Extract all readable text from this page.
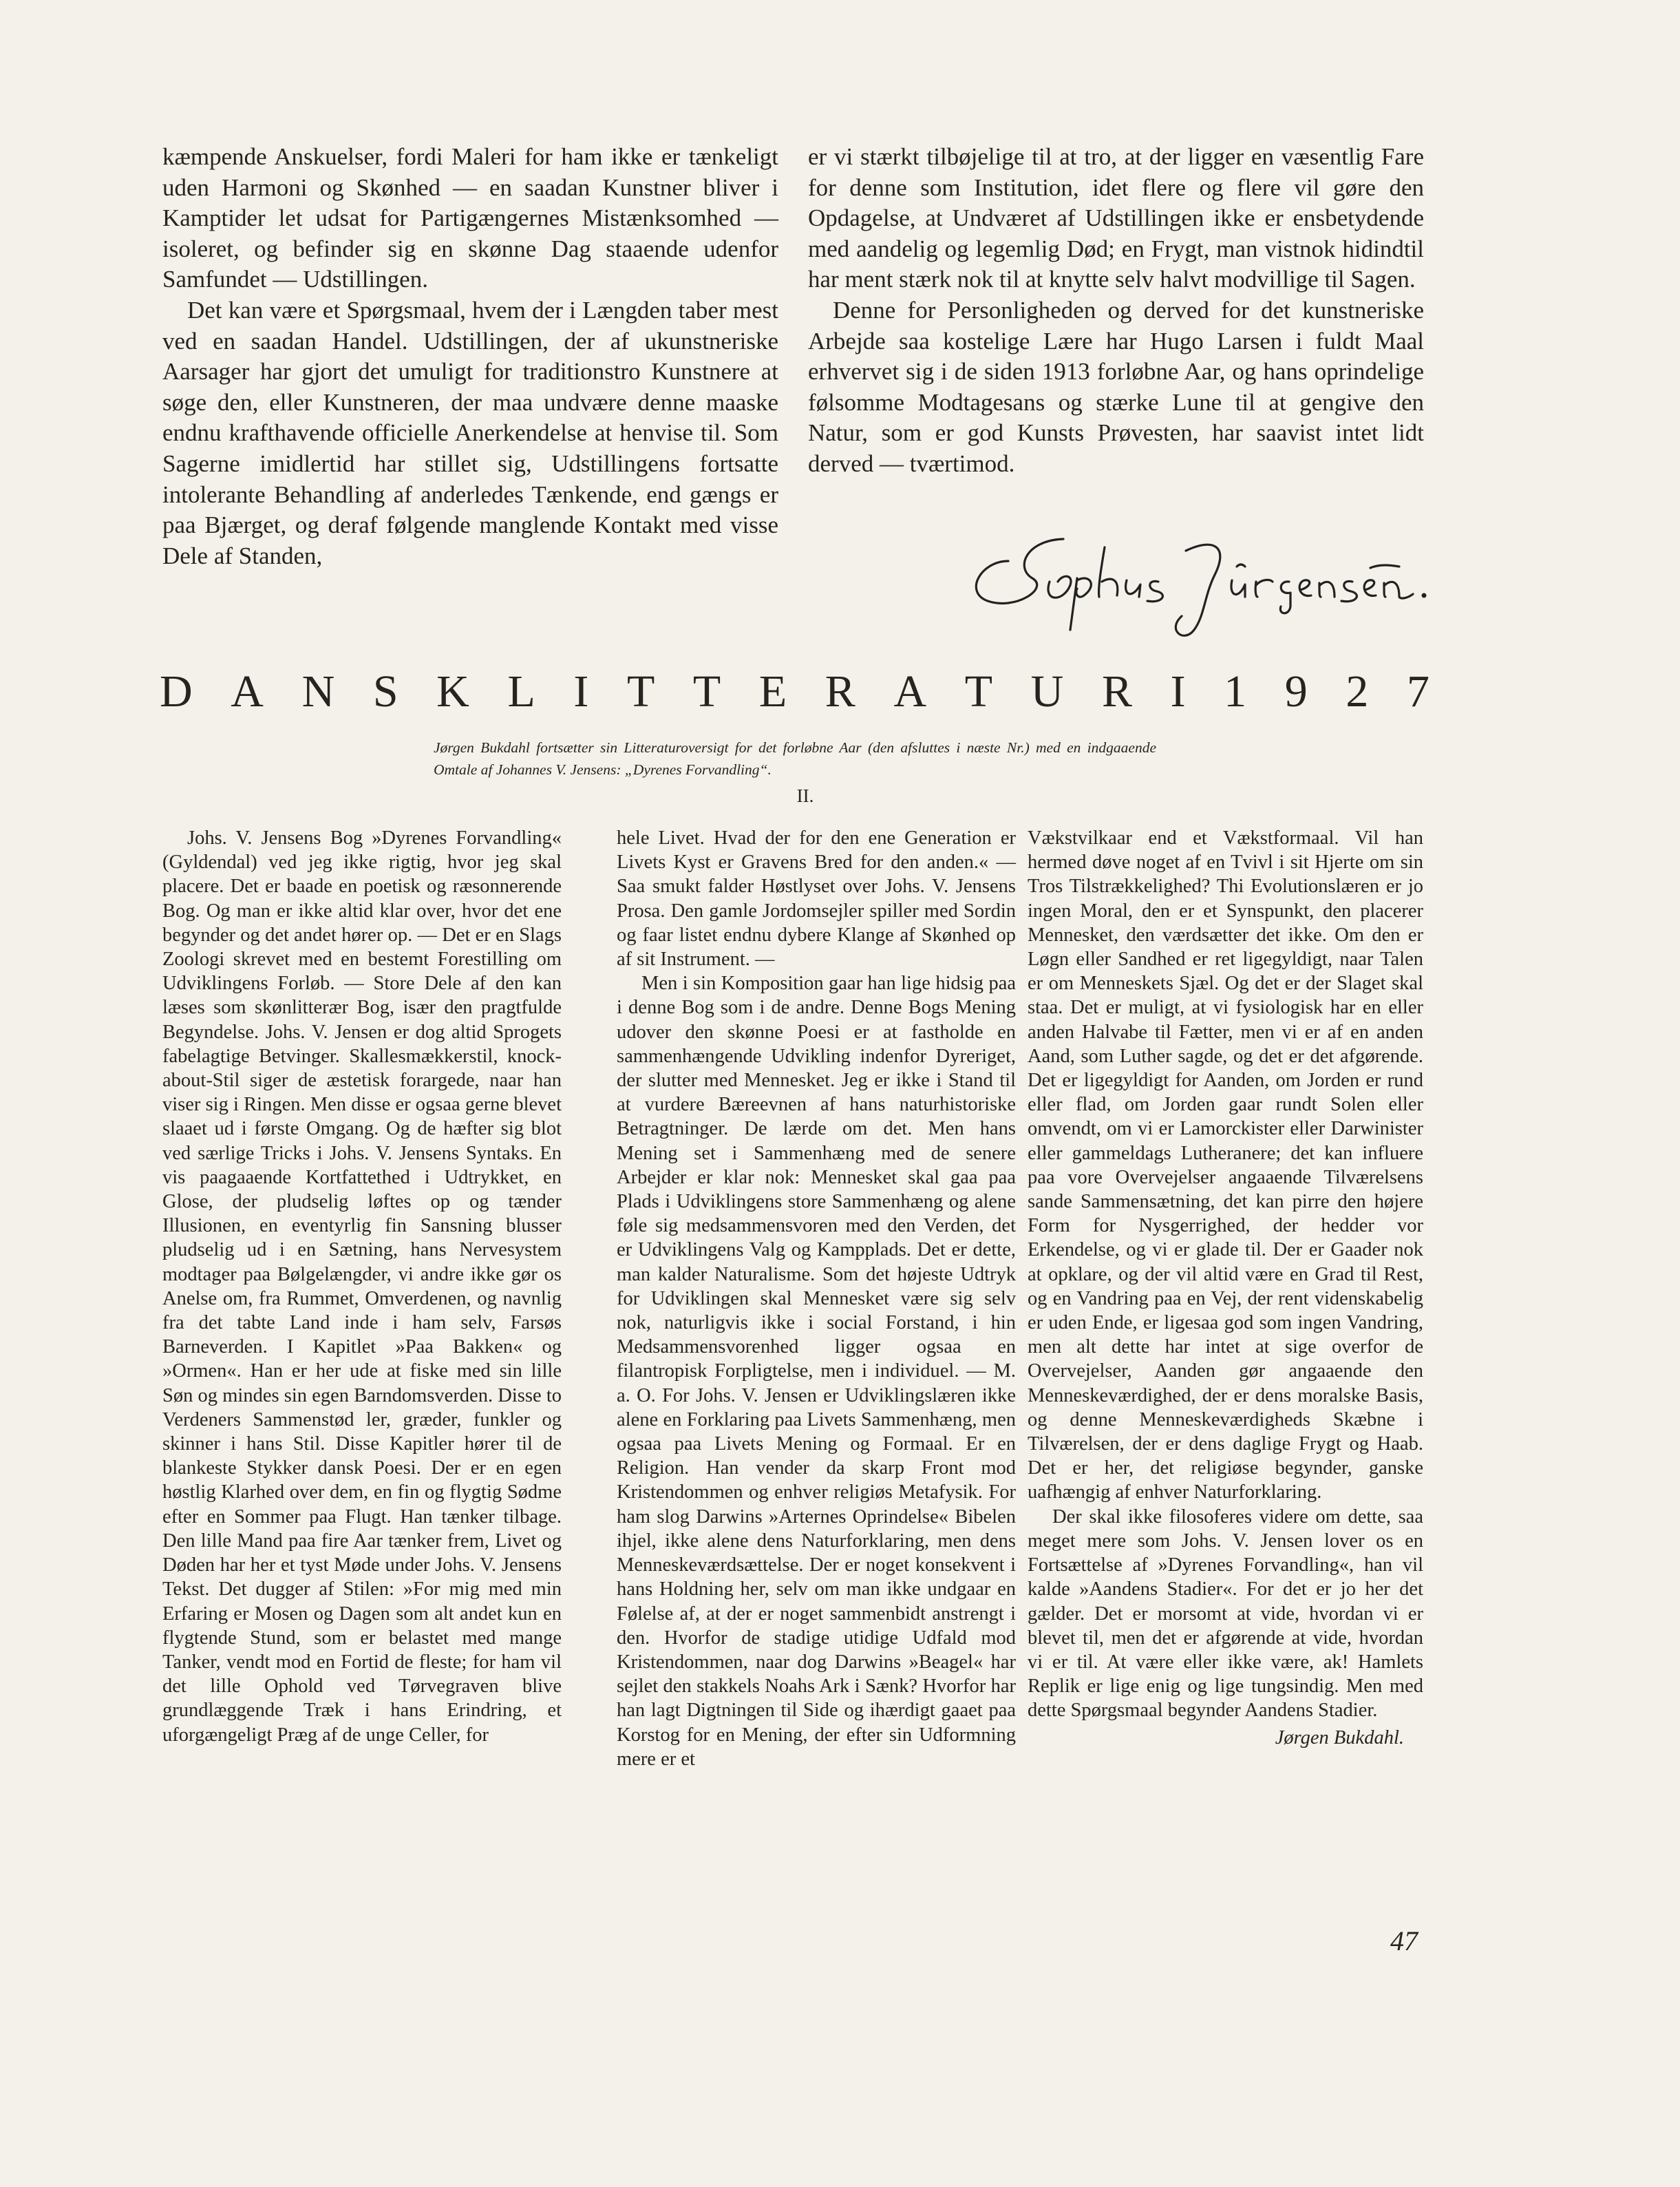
kæmpende Anskuelser, fordi Maleri for ham ikke er tænkeligt uden Harmoni og Skønhed — en saadan Kunstner bliver i Kamptider let udsat for Partigængernes Mistænksomhed — isoleret, og befinder sig en skønne Dag staaende udenfor Samfundet — Udstillingen.

Det kan være et Spørgsmaal, hvem der i Længden taber mest ved en saadan Handel. Udstillingen, der af ukunstneriske Aarsager har gjort det umuligt for traditionstro Kunstnere at søge den, eller Kunstneren, der maa undvære denne maaske endnu krafthavende officielle Anerkendelse at henvise til. Som Sagerne imidlertid har stillet sig, Udstillingens fortsatte intolerante Behandling af anderledes Tænkende, end gængs er paa Bjærget, og deraf følgende manglende Kontakt med visse Dele af Standen,

er vi stærkt tilbøjelige til at tro, at der ligger en væsentlig Fare for denne som Institution, idet flere og flere vil gøre den Opdagelse, at Undværet af Udstillingen ikke er ensbetydende med aandelig og legemlig Død; en Frygt, man vistnok hidindtil har ment stærk nok til at knytte selv halvt modvillige til Sagen.

Denne for Personligheden og derved for det kunstneriske Arbejde saa kostelige Lære har Hugo Larsen i fuldt Maal erhvervet sig i de siden 1913 forløbne Aar, og hans oprindelige følsomme Modtagesans og stærke Lune til at gengive den Natur, som er god Kunsts Prøvesten, har saavist intet lidt derved — tværtimod.

D A N S K L I T T E R A T U R I 1 9 2 7
Jørgen Bukdahl fortsætter sin Litteraturoversigt for det forløbne Aar (den afsluttes i næste Nr.) med en indgaaende Omtale af Johannes V. Jensens: „Dyrenes Forvandling“.
II.

Johs. V. Jensens Bog »Dyrenes Forvandling« (Gyldendal) ved jeg ikke rigtig, hvor jeg skal placere. Det er baade en poetisk og ræsonnerende Bog. Og man er ikke altid klar over, hvor det ene begynder og det andet hører op. — Det er en Slags Zoologi skrevet med en bestemt Forestilling om Udviklingens Forløb. — Store Dele af den kan læses som skønlitterær Bog, især den pragtfulde Begyndelse. Johs. V. Jensen er dog altid Sprogets fabelagtige Betvinger. Skallesmækkerstil, knock-about-Stil siger de æstetisk forargede, naar han viser sig i Ringen. Men disse er ogsaa gerne blevet slaaet ud i første Omgang. Og de hæfter sig blot ved særlige Tricks i Johs. V. Jensens Syntaks. En vis paagaaende Kortfattethed i Udtrykket, en Glose, der pludselig løftes op og tænder Illusionen, en eventyrlig fin Sansning blusser pludselig ud i en Sætning, hans Nervesystem modtager paa Bølgelængder, vi andre ikke gør os Anelse om, fra Rummet, Omverdenen, og navnlig fra det tabte Land inde i ham selv, Farsøs Barneverden. I Kapitlet »Paa Bakken« og »Ormen«. Han er her ude at fiske med sin lille Søn og mindes sin egen Barndomsverden. Disse to Verdeners Sammenstød ler, græder, funkler og skinner i hans Stil. Disse Kapitler hører til de blankeste Stykker dansk Poesi. Der er en egen høstlig Klarhed over dem, en fin og flygtig Sødme efter en Sommer paa Flugt. Han tænker tilbage. Den lille Mand paa fire Aar tænker frem, Livet og Døden har her et tyst Møde under Johs. V. Jensens Tekst. Det dugger af Stilen: »For mig med min Erfaring er Mosen og Dagen som alt andet kun en flygtende Stund, som er belastet med mange Tanker, vendt mod en Fortid de fleste; for ham vil det lille Ophold ved Tørvegraven blive grundlæggende Træk i hans Erindring, et uforgængeligt Præg af de unge Celler, for

hele Livet. Hvad der for den ene Generation er Livets Kyst er Gravens Bred for den anden.« — Saa smukt falder Høstlyset over Johs. V. Jensens Prosa. Den gamle Jordomsejler spiller med Sordin og faar listet endnu dybere Klange af Skønhed op af sit Instrument. —

Men i sin Komposition gaar han lige hidsig paa i denne Bog som i de andre. Denne Bogs Mening udover den skønne Poesi er at fastholde en sammenhængende Udvikling indenfor Dyreriget, der slutter med Mennesket. Jeg er ikke i Stand til at vurdere Bæreevnen af hans naturhistoriske Betragtninger. De lærde om det. Men hans Mening set i Sammenhæng med de senere Arbejder er klar nok: Mennesket skal gaa paa Plads i Udviklingens store Sammenhæng og alene føle sig medsammensvoren med den Verden, det er Udviklingens Valg og Kampplads. Det er dette, man kalder Naturalisme. Som det højeste Udtryk for Udviklingen skal Mennesket være sig selv nok, naturligvis ikke i social Forstand, i hin Medsammensvorenhed ligger ogsaa en filantropisk Forpligtelse, men i individuel. — M. a. O. For Johs. V. Jensen er Udviklingslæren ikke alene en Forklaring paa Livets Sammenhæng, men ogsaa paa Livets Mening og Formaal. Er en Religion. Han vender da skarp Front mod Kristendommen og enhver religiøs Metafysik. For ham slog Darwins »Arternes Oprindelse« Bibelen ihjel, ikke alene dens Naturforklaring, men dens Menneskeværdsættelse. Der er noget konsekvent i hans Holdning her, selv om man ikke undgaar en Følelse af, at der er noget sammenbidt anstrengt i den. Hvorfor de stadige utidige Udfald mod Kristendommen, naar dog Darwins »Beagel« har sejlet den stakkels Noahs Ark i Sænk? Hvorfor har han lagt Digtningen til Side og ihærdigt gaaet paa Korstog for en Mening, der efter sin Udformning mere er et

Vækstvilkaar end et Vækstformaal. Vil han hermed døve noget af en Tvivl i sit Hjerte om sin Tros Tilstrækkelighed? Thi Evolutionslæren er jo ingen Moral, den er et Synspunkt, den placerer Mennesket, den værdsætter det ikke. Om den er Løgn eller Sandhed er ret ligegyldigt, naar Talen er om Menneskets Sjæl. Og det er der Slaget skal staa. Det er muligt, at vi fysiologisk har en eller anden Halvabe til Fætter, men vi er af en anden Aand, som Luther sagde, og det er det afgørende. Det er ligegyldigt for Aanden, om Jorden er rund eller flad, om Jorden gaar rundt Solen eller omvendt, om vi er Lamorckister eller Darwinister eller gammeldags Lutheranere; det kan influere paa vore Overvejelser angaaende Tilværelsens sande Sammensætning, det kan pirre den højere Form for Nysgerrighed, der hedder vor Erkendelse, og vi er glade til. Der er Gaader nok at opklare, og der vil altid være en Grad til Rest, og en Vandring paa en Vej, der rent videnskabelig er uden Ende, er ligesaa god som ingen Vandring, men alt dette har intet at sige overfor de Overvejelser, Aanden gør angaaende den Menneskeværdighed, der er dens moralske Basis, og denne Menneskeværdigheds Skæbne i Tilværelsen, der er dens daglige Frygt og Haab. Det er her, det religiøse begynder, ganske uafhængig af enhver Naturforklaring.

Der skal ikke filosoferes videre om dette, saa meget mere som Johs. V. Jensen lover os en Fortsættelse af »Dyrenes Forvandling«, han vil kalde »Aandens Stadier«. For det er jo her det gælder. Det er morsomt at vide, hvordan vi er blevet til, men det er afgørende at vide, hvordan vi er til. At være eller ikke være, ak! Hamlets Replik er lige enig og lige tungsindig. Men med dette Spørgsmaal begynder Aandens Stadier.

Jørgen Bukdahl.

47
